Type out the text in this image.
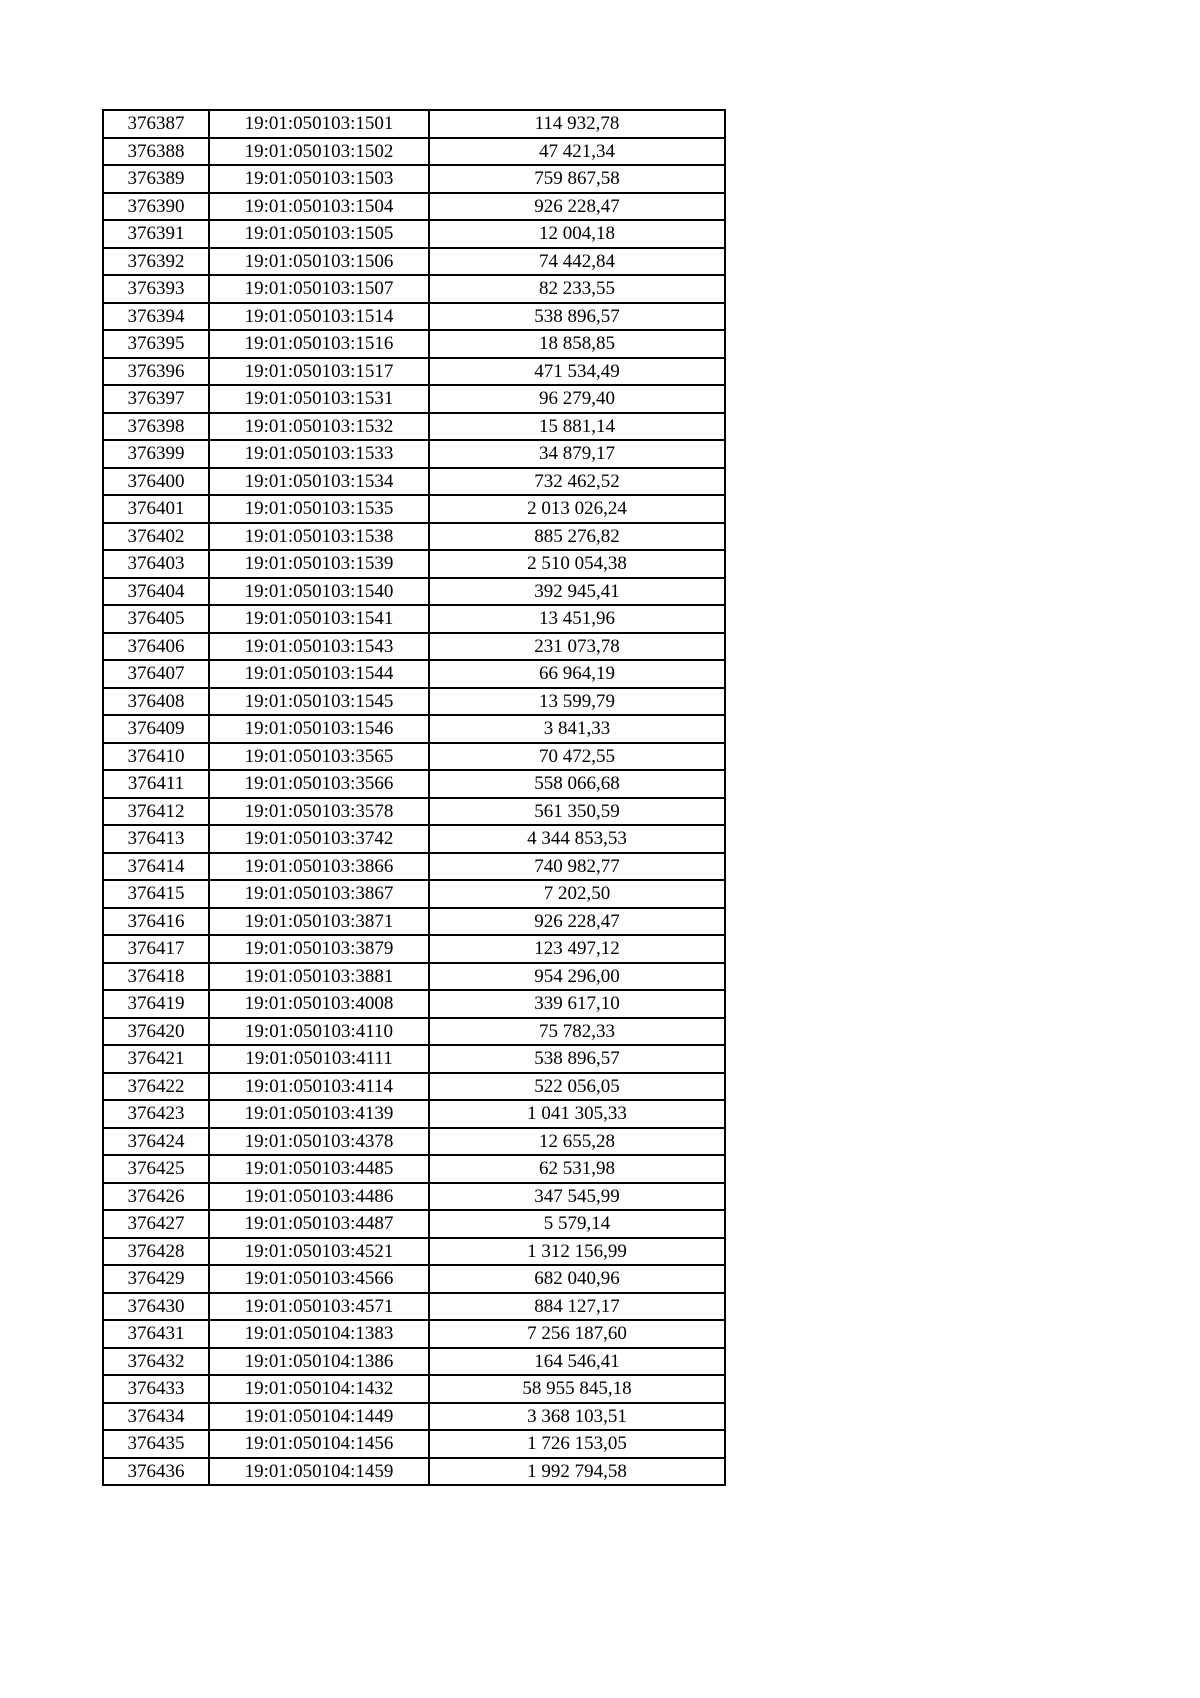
376387	19:01:050103:1501	114 932,78
376388	19:01:050103:1502	47 421,34
376389	19:01:050103:1503	759 867,58
376390	19:01:050103:1504	926 228,47
376391	19:01:050103:1505	12 004,18
376392	19:01:050103:1506	74 442,84
376393	19:01:050103:1507	82 233,55
376394	19:01:050103:1514	538 896,57
376395	19:01:050103:1516	18 858,85
376396	19:01:050103:1517	471 534,49
376397	19:01:050103:1531	96 279,40
376398	19:01:050103:1532	15 881,14
376399	19:01:050103:1533	34 879,17
376400	19:01:050103:1534	732 462,52
376401	19:01:050103:1535	2 013 026,24
376402	19:01:050103:1538	885 276,82
376403	19:01:050103:1539	2 510 054,38
376404	19:01:050103:1540	392 945,41
376405	19:01:050103:1541	13 451,96
376406	19:01:050103:1543	231 073,78
376407	19:01:050103:1544	66 964,19
376408	19:01:050103:1545	13 599,79
376409	19:01:050103:1546	3 841,33
376410	19:01:050103:3565	70 472,55
376411	19:01:050103:3566	558 066,68
376412	19:01:050103:3578	561 350,59
376413	19:01:050103:3742	4 344 853,53
376414	19:01:050103:3866	740 982,77
376415	19:01:050103:3867	7 202,50
376416	19:01:050103:3871	926 228,47
376417	19:01:050103:3879	123 497,12
376418	19:01:050103:3881	954 296,00
376419	19:01:050103:4008	339 617,10
376420	19:01:050103:4110	75 782,33
376421	19:01:050103:4111	538 896,57
376422	19:01:050103:4114	522 056,05
376423	19:01:050103:4139	1 041 305,33
376424	19:01:050103:4378	12 655,28
376425	19:01:050103:4485	62 531,98
376426	19:01:050103:4486	347 545,99
376427	19:01:050103:4487	5 579,14
376428	19:01:050103:4521	1 312 156,99
376429	19:01:050103:4566	682 040,96
376430	19:01:050103:4571	884 127,17
376431	19:01:050104:1383	7 256 187,60
376432	19:01:050104:1386	164 546,41
376433	19:01:050104:1432	58 955 845,18
376434	19:01:050104:1449	3 368 103,51
376435	19:01:050104:1456	1 726 153,05
376436	19:01:050104:1459	1 992 794,58
